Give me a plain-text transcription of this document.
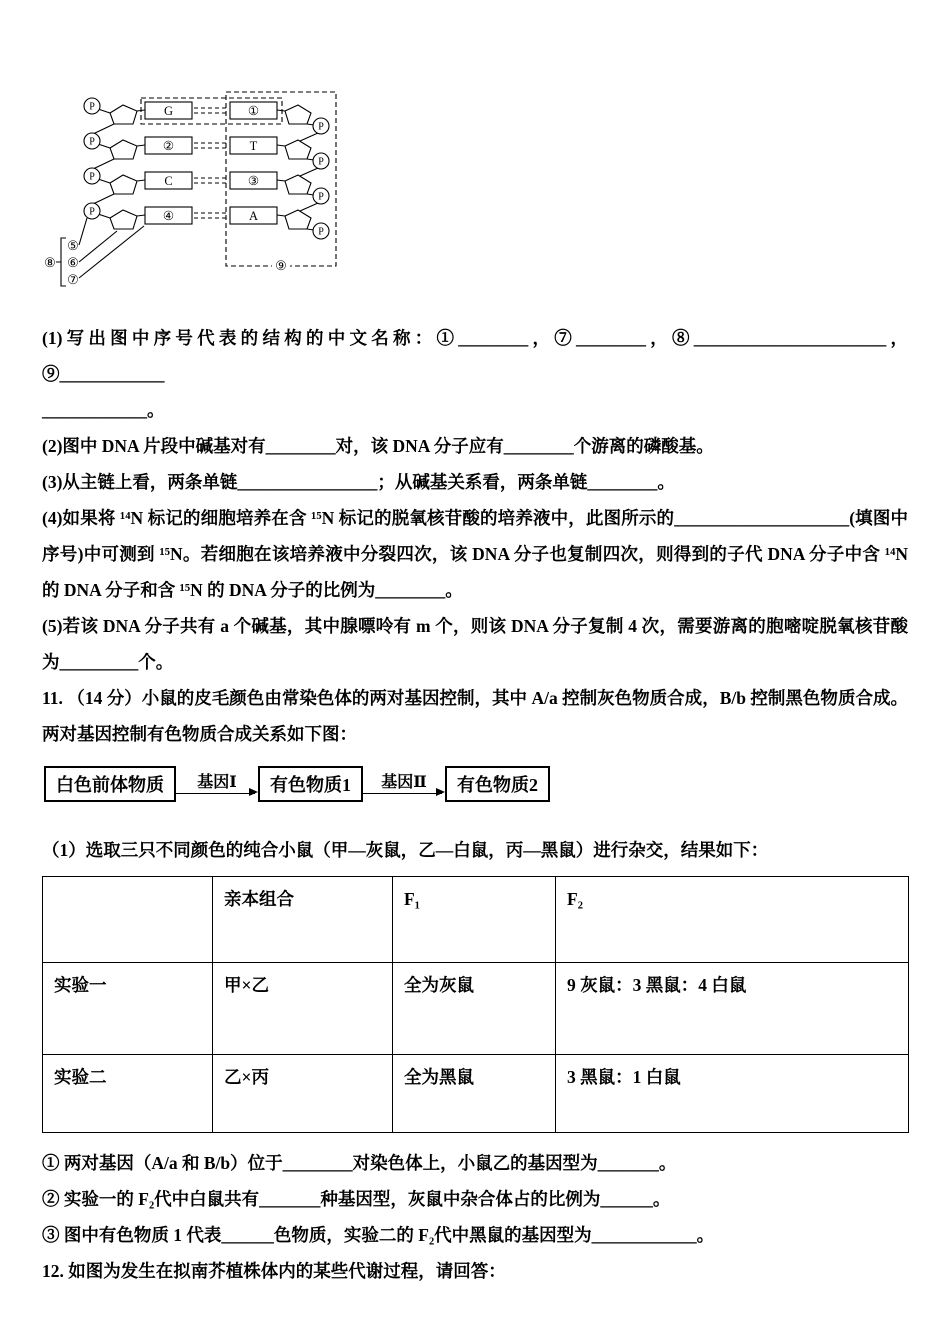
P
P
P
P
P
P
P
P
G
②
C
④
①
T
③
A
⑤
⑥
⑦
⑧	⑨

(1)写出图中序号代表的结构的中文名称：①________，⑦________，⑧______________________，⑨____________

____________。

(2)图中 DNA 片段中碱基对有________对，该 DNA 分子应有________个游离的磷酸基。

(3)从主链上看，两条单链________________；从碱基关系看，两条单链________。

(4)如果将 ¹⁴N 标记的细胞培养在含 ¹⁵N 标记的脱氧核苷酸的培养液中，此图所示的____________________(填图中序号)中可测到 ¹⁵N。若细胞在该培养液中分裂四次，该 DNA 分子也复制四次，则得到的子代 DNA 分子中含 ¹⁴N 的 DNA 分子和含 ¹⁵N 的 DNA 分子的比例为________。

(5)若该 DNA 分子共有 a 个碱基，其中腺嘌呤有 m 个，则该 DNA 分子复制 4 次，需要游离的胞嘧啶脱氧核苷酸为_________个。

11. （14 分）小鼠的皮毛颜色由常染色体的两对基因控制，其中 A/a 控制灰色物质合成，B/b 控制黑色物质合成。两对基因控制有色物质合成关系如下图：

白色前体物质	基因Ⅰ	有色物质1	基因Ⅱ	有色物质2

（1）选取三只不同颜色的纯合小鼠（甲—灰鼠，乙—白鼠，丙—黑鼠）进行杂交，结果如下：

	亲本组合	F₁	F₂
实验一	甲×乙	全为灰鼠	9 灰鼠：3 黑鼠：4 白鼠
实验二	乙×丙	全为黑鼠	3 黑鼠：1 白鼠

① 两对基因（A/a 和 B/b）位于________对染色体上，小鼠乙的基因型为_______。

② 实验一的 F₂代中白鼠共有_______种基因型，灰鼠中杂合体占的比例为______。

③ 图中有色物质 1 代表______色物质，实验二的 F₂代中黑鼠的基因型为____________。

12. 如图为发生在拟南芥植株体内的某些代谢过程，请回答：
